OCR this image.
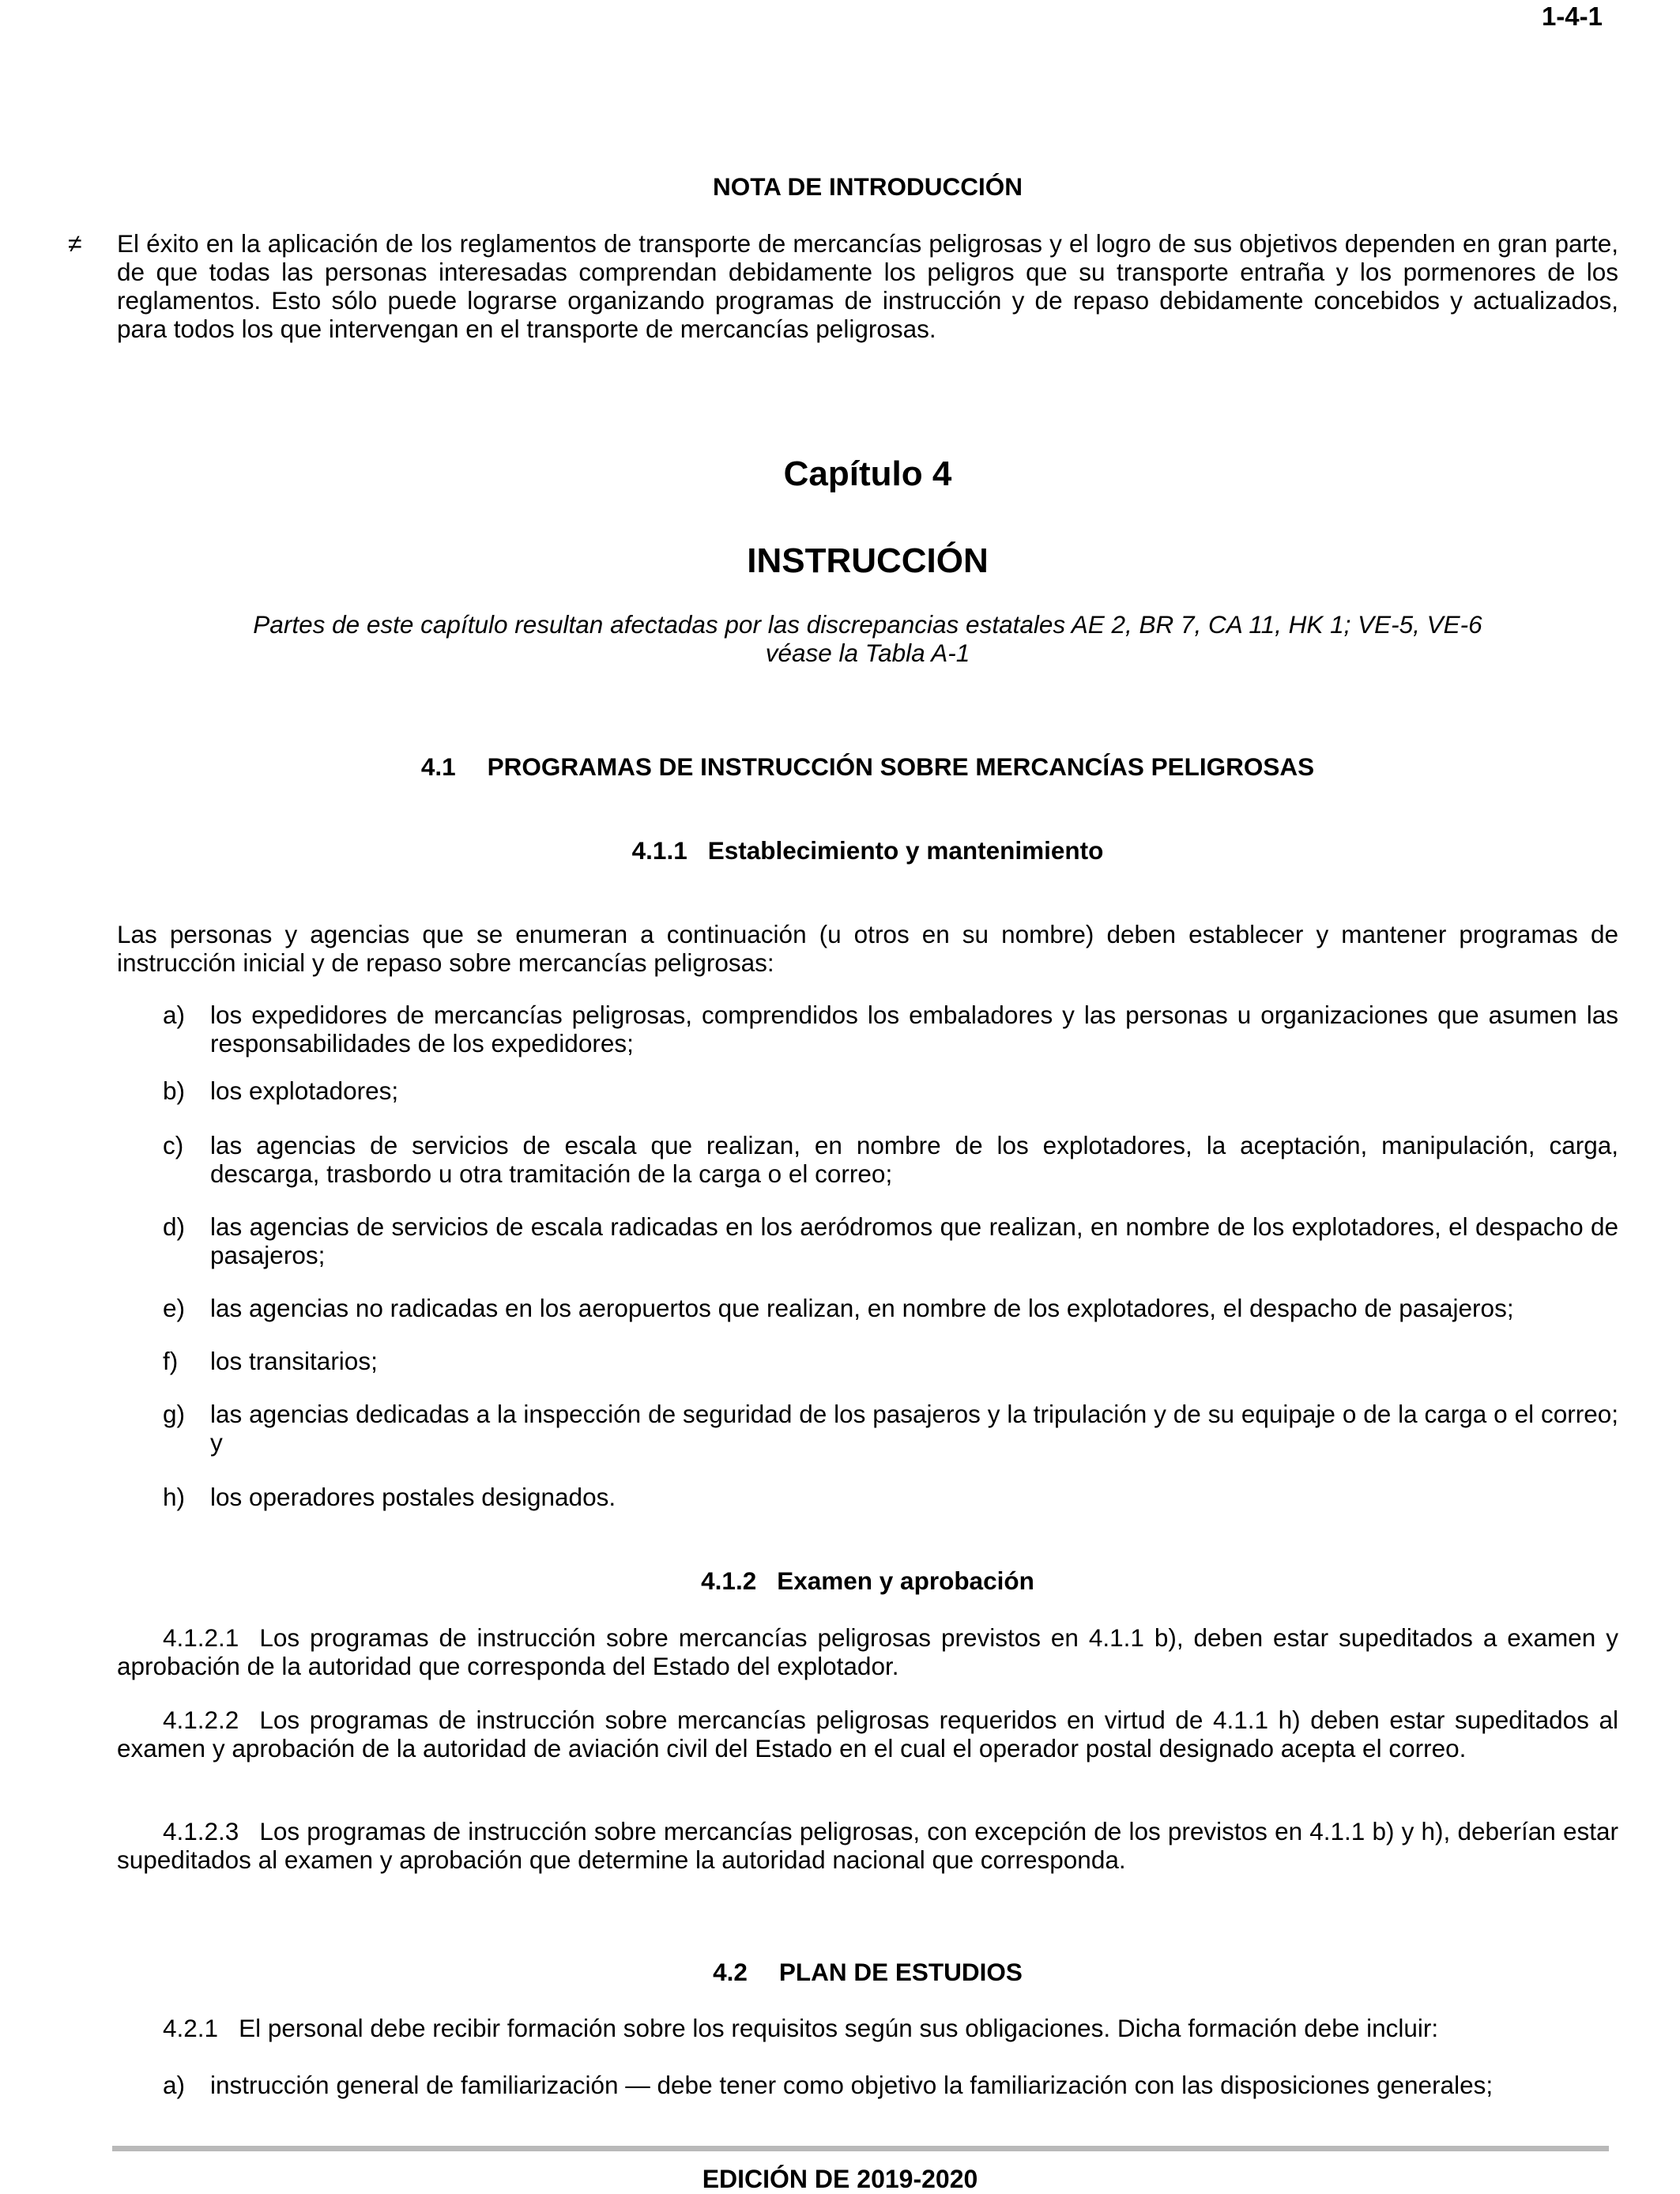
1-4-1
NOTA DE INTRODUCCIÓN
≠ El éxito en la aplicación de los reglamentos de transporte de mercancías peligrosas y el logro de sus objetivos dependen en gran parte, de que todas las personas interesadas comprendan debidamente los peligros que su transporte entraña y los pormenores de los reglamentos. Esto sólo puede lograrse organizando programas de instrucción y de repaso debidamente concebidos y actualizados, para todos los que intervengan en el transporte de mercancías peligrosas.
Capítulo 4
INSTRUCCIÓN
Partes de este capítulo resultan afectadas por las discrepancias estatales AE 2, BR 7, CA 11, HK 1; VE-5, VE-6
véase la Tabla A-1
4.1 PROGRAMAS DE INSTRUCCIÓN SOBRE MERCANCÍAS PELIGROSAS
4.1.1 Establecimiento y mantenimiento
Las personas y agencias que se enumeran a continuación (u otros en su nombre) deben establecer y mantener programas de instrucción inicial y de repaso sobre mercancías peligrosas:
a) los expedidores de mercancías peligrosas, comprendidos los embaladores y las personas u organizaciones que asumen las responsabilidades de los expedidores;
b) los explotadores;
c) las agencias de servicios de escala que realizan, en nombre de los explotadores, la aceptación, manipulación, carga, descarga, trasbordo u otra tramitación de la carga o el correo;
d) las agencias de servicios de escala radicadas en los aeródromos que realizan, en nombre de los explotadores, el despacho de pasajeros;
e) las agencias no radicadas en los aeropuertos que realizan, en nombre de los explotadores, el despacho de pasajeros;
f) los transitarios;
g) las agencias dedicadas a la inspección de seguridad de los pasajeros y la tripulación y de su equipaje o de la carga o el correo; y
h) los operadores postales designados.
4.1.2 Examen y aprobación
4.1.2.1 Los programas de instrucción sobre mercancías peligrosas previstos en 4.1.1 b), deben estar supeditados a examen y aprobación de la autoridad que corresponda del Estado del explotador.
4.1.2.2 Los programas de instrucción sobre mercancías peligrosas requeridos en virtud de 4.1.1 h) deben estar supeditados al examen y aprobación de la autoridad de aviación civil del Estado en el cual el operador postal designado acepta el correo.
4.1.2.3 Los programas de instrucción sobre mercancías peligrosas, con excepción de los previstos en 4.1.1 b) y h), deberían estar supeditados al examen y aprobación que determine la autoridad nacional que corresponda.
4.2 PLAN DE ESTUDIOS
4.2.1 El personal debe recibir formación sobre los requisitos según sus obligaciones. Dicha formación debe incluir:
a) instrucción general de familiarización — debe tener como objetivo la familiarización con las disposiciones generales;
EDICIÓN DE 2019-2020
